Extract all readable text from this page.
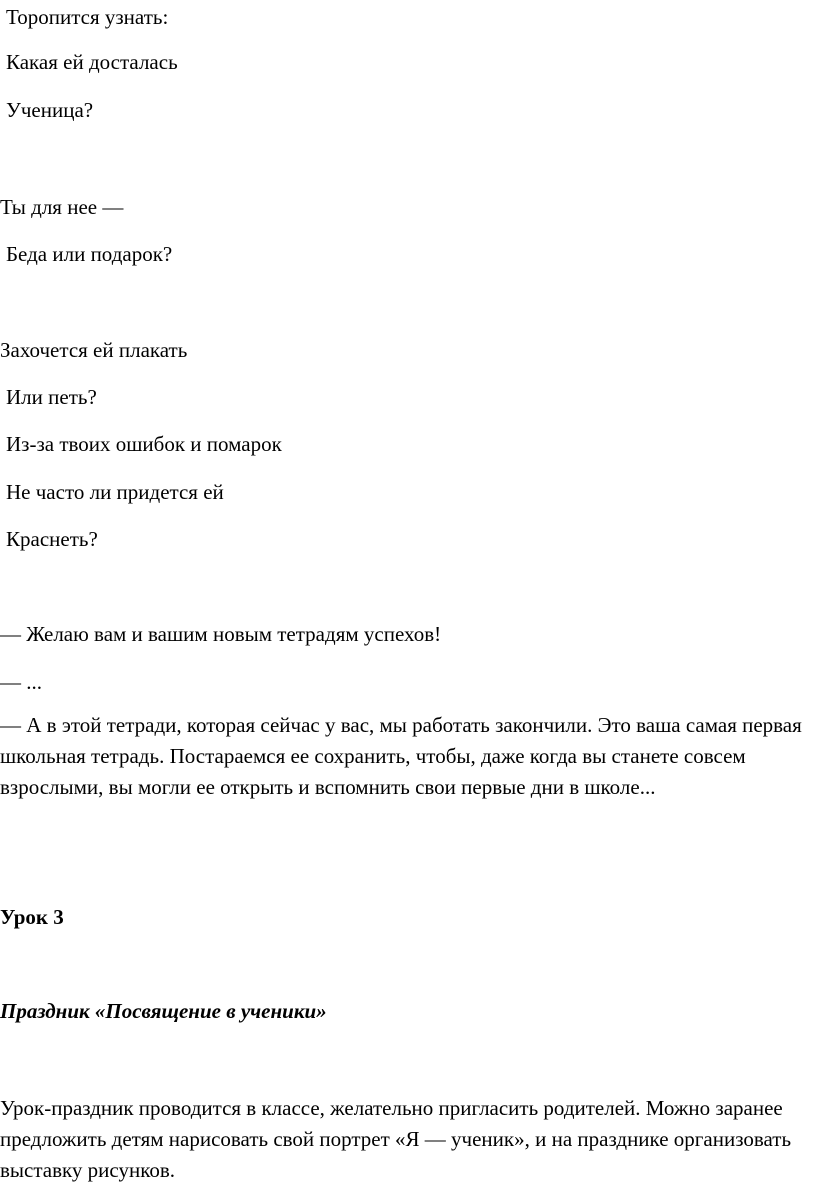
Торопится узнать:
Какая ей досталась
Ученица?
Ты для нее —
Беда или подарок?
Захочется ей плакать
Или петь?
Из-за твоих ошибок и помарок
Не часто ли придется ей
Краснеть?
— Желаю вам и вашим новым тетрадям успехов!
— ...
— А в этой тетради, которая сейчас у вас, мы работать закончили. Это ваша самая первая школьная тетрадь. Постараемся ее сохранить, чтобы, даже когда вы станете совсем взрослыми, вы могли ее открыть и вспомнить свои первые дни в школе...
Урок 3
Праздник «Посвящение в ученики»
Урок-праздник проводится в классе, желательно пригласить родителей. Можно заранее предложить детям нарисовать свой портрет «Я — ученик», и на празднике организовать выставку рисунков.
